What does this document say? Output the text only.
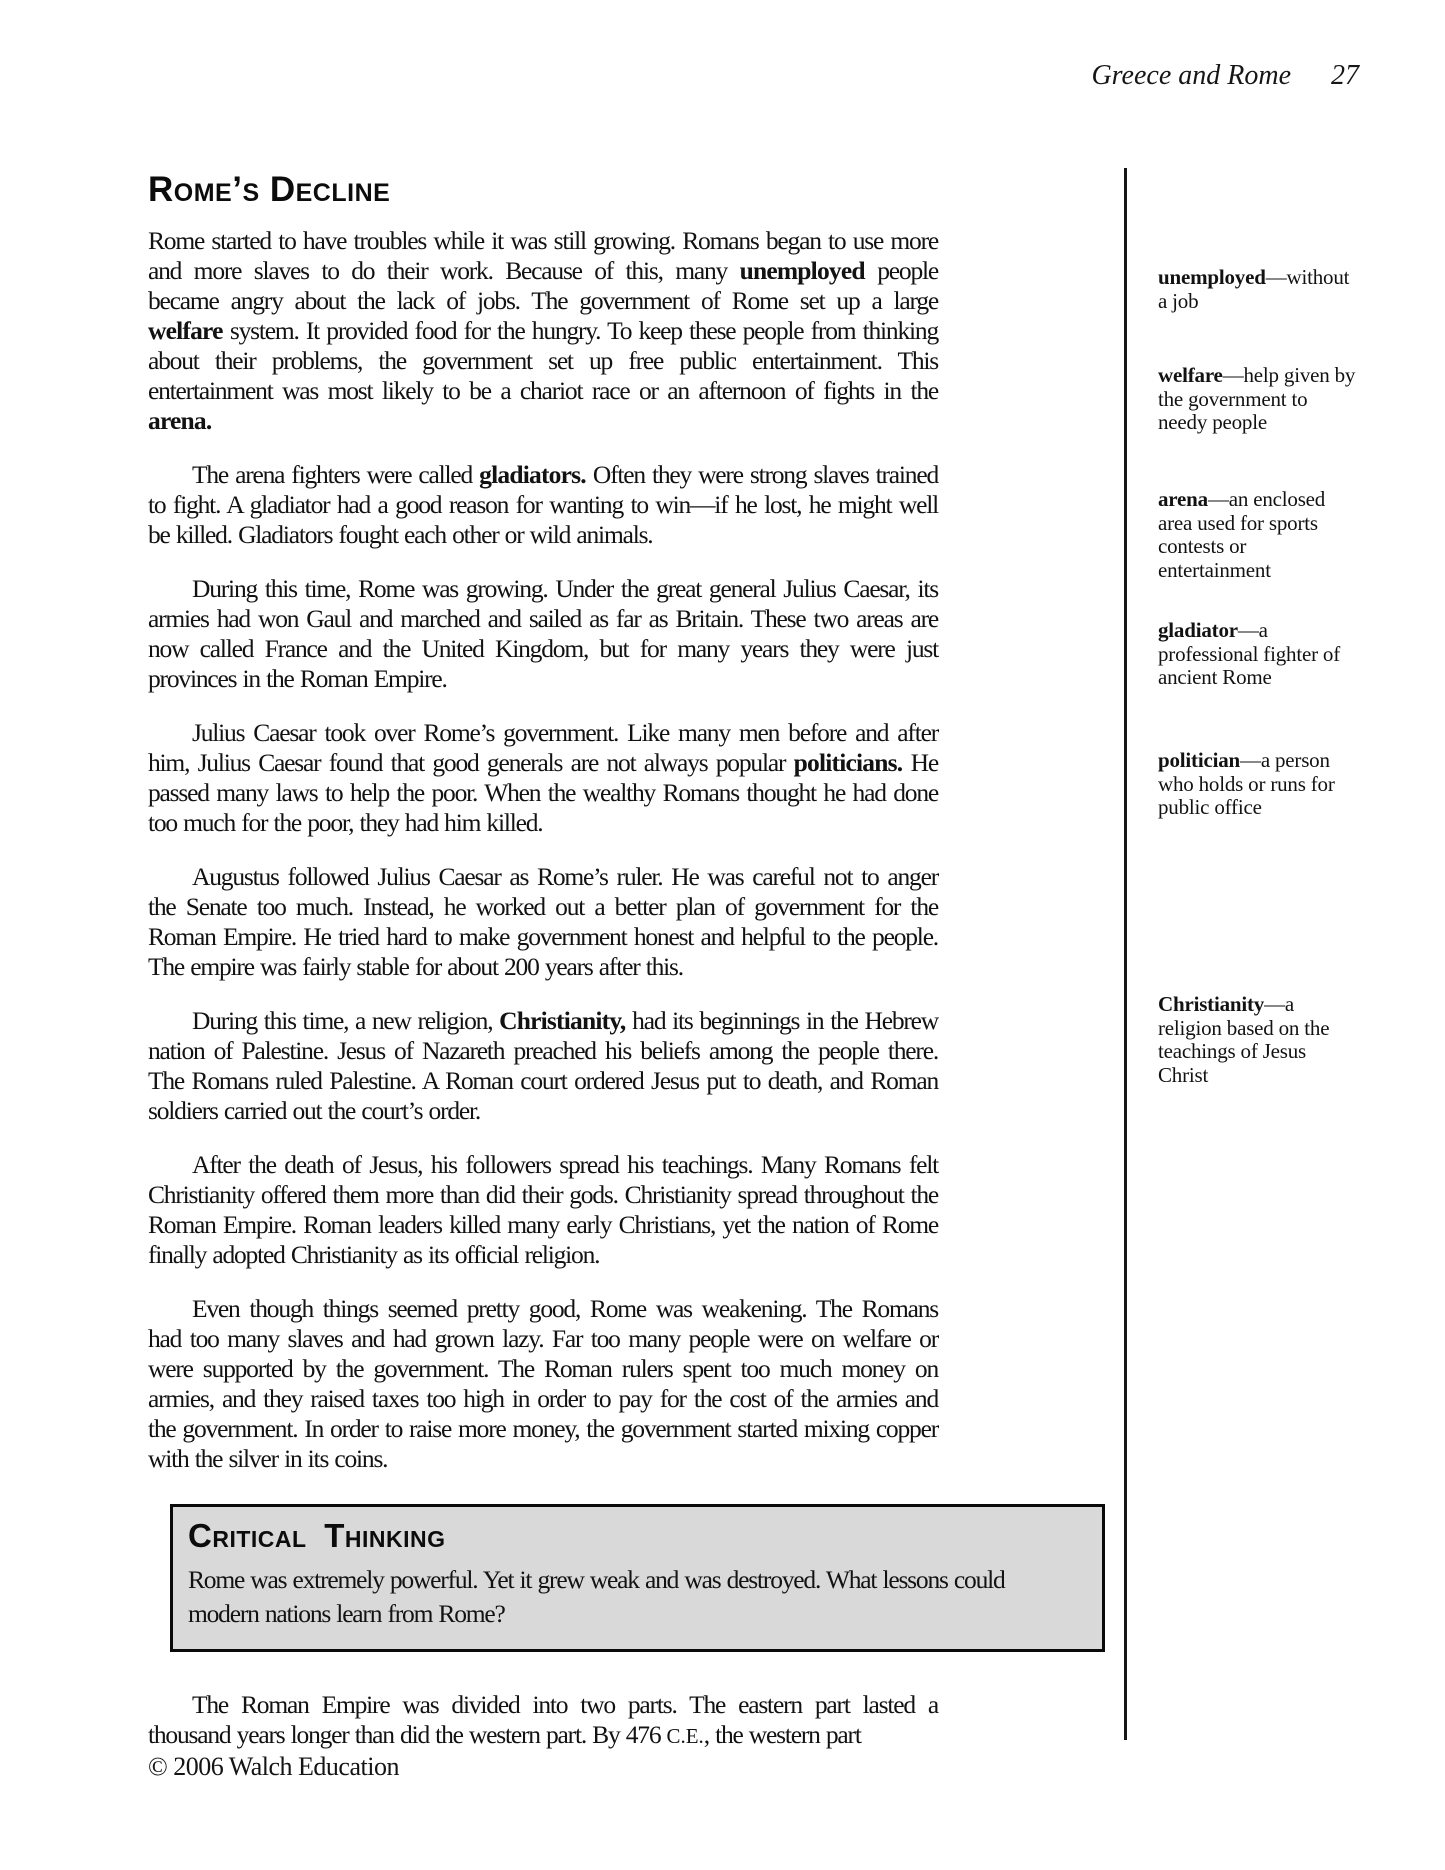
Greece and Rome 27
Rome’s Decline

Rome started to have troubles while it was still growing. Romans began to use more and more slaves to do their work. Because of this, many unemployed people became angry about the lack of jobs. The government of Rome set up a large welfare system. It provided food for the hungry. To keep these people from thinking about their problems, the government set up free public entertainment. This entertainment was most likely to be a chariot race or an afternoon of fights in the arena.

The arena fighters were called gladiators. Often they were strong slaves trained to fight. A gladiator had a good reason for wanting to win—if he lost, he might well be killed. Gladiators fought each other or wild animals.

During this time, Rome was growing. Under the great general Julius Caesar, its armies had won Gaul and marched and sailed as far as Britain. These two areas are now called France and the United Kingdom, but for many years they were just provinces in the Roman Empire.

Julius Caesar took over Rome’s government. Like many men before and after him, Julius Caesar found that good generals are not always popular politicians. He passed many laws to help the poor. When the wealthy Romans thought he had done too much for the poor, they had him killed.

Augustus followed Julius Caesar as Rome’s ruler. He was careful not to anger the Senate too much. Instead, he worked out a better plan of government for the Roman Empire. He tried hard to make government honest and helpful to the people. The empire was fairly stable for about 200 years after this.

During this time, a new religion, Christianity, had its beginnings in the Hebrew nation of Palestine. Jesus of Nazareth preached his beliefs among the people there. The Romans ruled Palestine. A Roman court ordered Jesus put to death, and Roman soldiers carried out the court’s order.

After the death of Jesus, his followers spread his teachings. Many Romans felt Christianity offered them more than did their gods. Christianity spread throughout the Roman Empire. Roman leaders killed many early Christians, yet the nation of Rome finally adopted Christianity as its official religion.

Even though things seemed pretty good, Rome was weakening. The Romans had too many slaves and had grown lazy. Far too many people were on welfare or were supported by the government. The Roman rulers spent too much money on armies, and they raised taxes too high in order to pay for the cost of the armies and the government. In order to raise more money, the government started mixing copper with the silver in its coins.

Critical Thinking

Rome was extremely powerful. Yet it grew weak and was destroyed. What lessons could modern nations learn from Rome?

The Roman Empire was divided into two parts. The eastern part lasted a thousand years longer than did the western part. By 476 C.E., the western part

unemployed—without a job
welfare—help given by the government to needy people
arena—an enclosed area used for sports contests or entertainment
gladiator—a professional fighter of ancient Rome
politician—a person who holds or runs for public office
Christianity—a religion based on the teachings of Jesus Christ
© 2006 Walch Education
